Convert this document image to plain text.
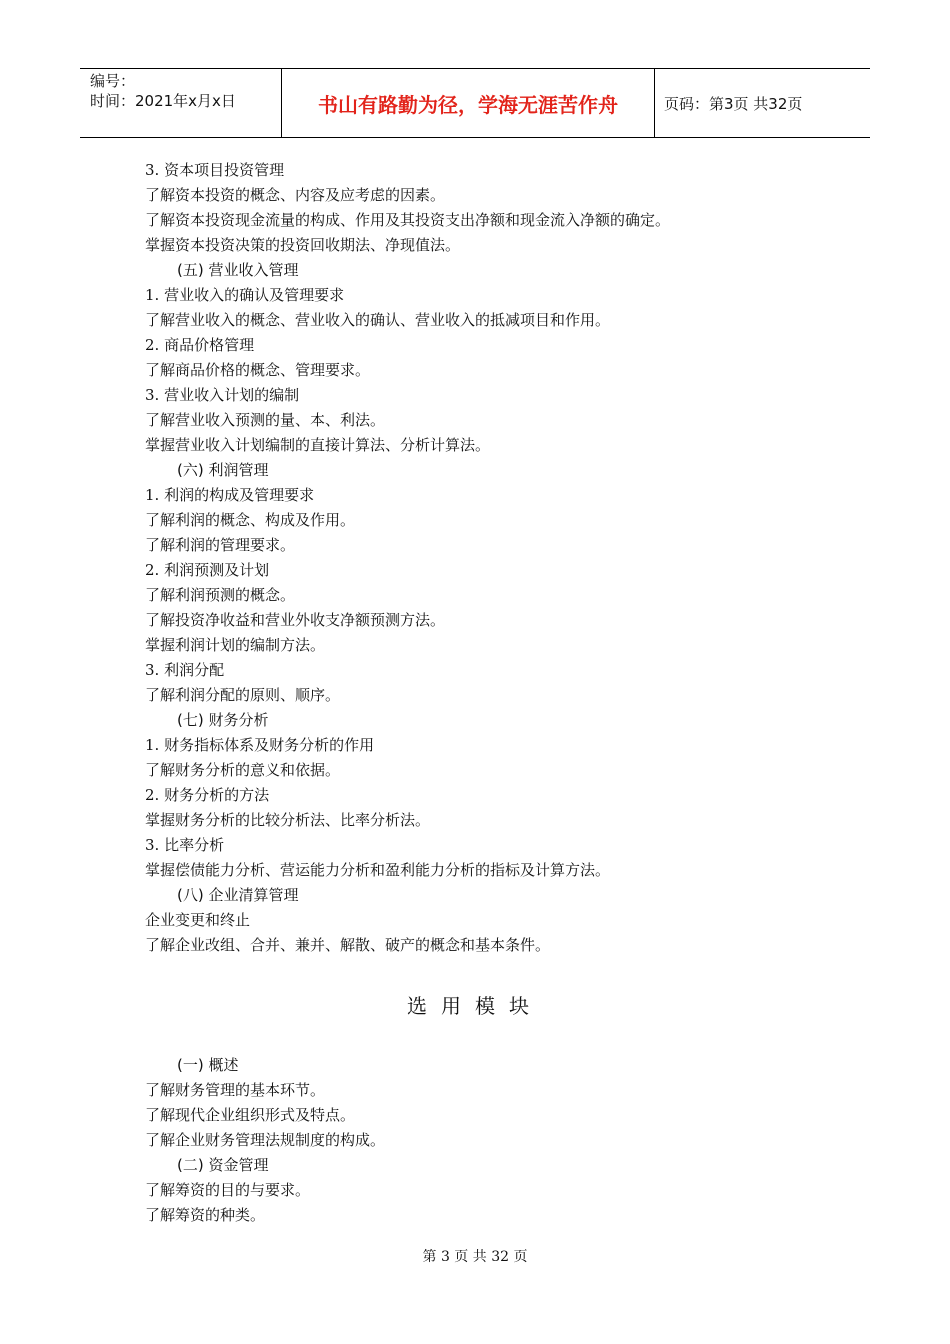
编号：
时间：2021年x月x日	书山有路勤为径，学海无涯苦作舟	页码：第3页 共32页
3. 资本项目投资管理
了解资本投资的概念、内容及应考虑的因素。
了解资本投资现金流量的构成、作用及其投资支出净额和现金流入净额的确定。
掌握资本投资决策的投资回收期法、净现值法。
(五) 营业收入管理
1. 营业收入的确认及管理要求
了解营业收入的概念、营业收入的确认、营业收入的抵减项目和作用。
2. 商品价格管理
了解商品价格的概念、管理要求。
3. 营业收入计划的编制
了解营业收入预测的量、本、利法。
掌握营业收入计划编制的直接计算法、分析计算法。
(六) 利润管理
1. 利润的构成及管理要求
了解利润的概念、构成及作用。
了解利润的管理要求。
2. 利润预测及计划
了解利润预测的概念。
了解投资净收益和营业外收支净额预测方法。
掌握利润计划的编制方法。
3. 利润分配
了解利润分配的原则、顺序。
(七) 财务分析
1. 财务指标体系及财务分析的作用
了解财务分析的意义和依据。
2. 财务分析的方法
掌握财务分析的比较分析法、比率分析法。
3. 比率分析
掌握偿债能力分析、营运能力分析和盈利能力分析的指标及计算方法。
(八) 企业清算管理
企业变更和终止
了解企业改组、合并、兼并、解散、破产的概念和基本条件。
选用模块
(一) 概述
了解财务管理的基本环节。
了解现代企业组织形式及特点。
了解企业财务管理法规制度的构成。
(二) 资金管理
了解筹资的目的与要求。
了解筹资的种类。
第 3 页 共 32 页
